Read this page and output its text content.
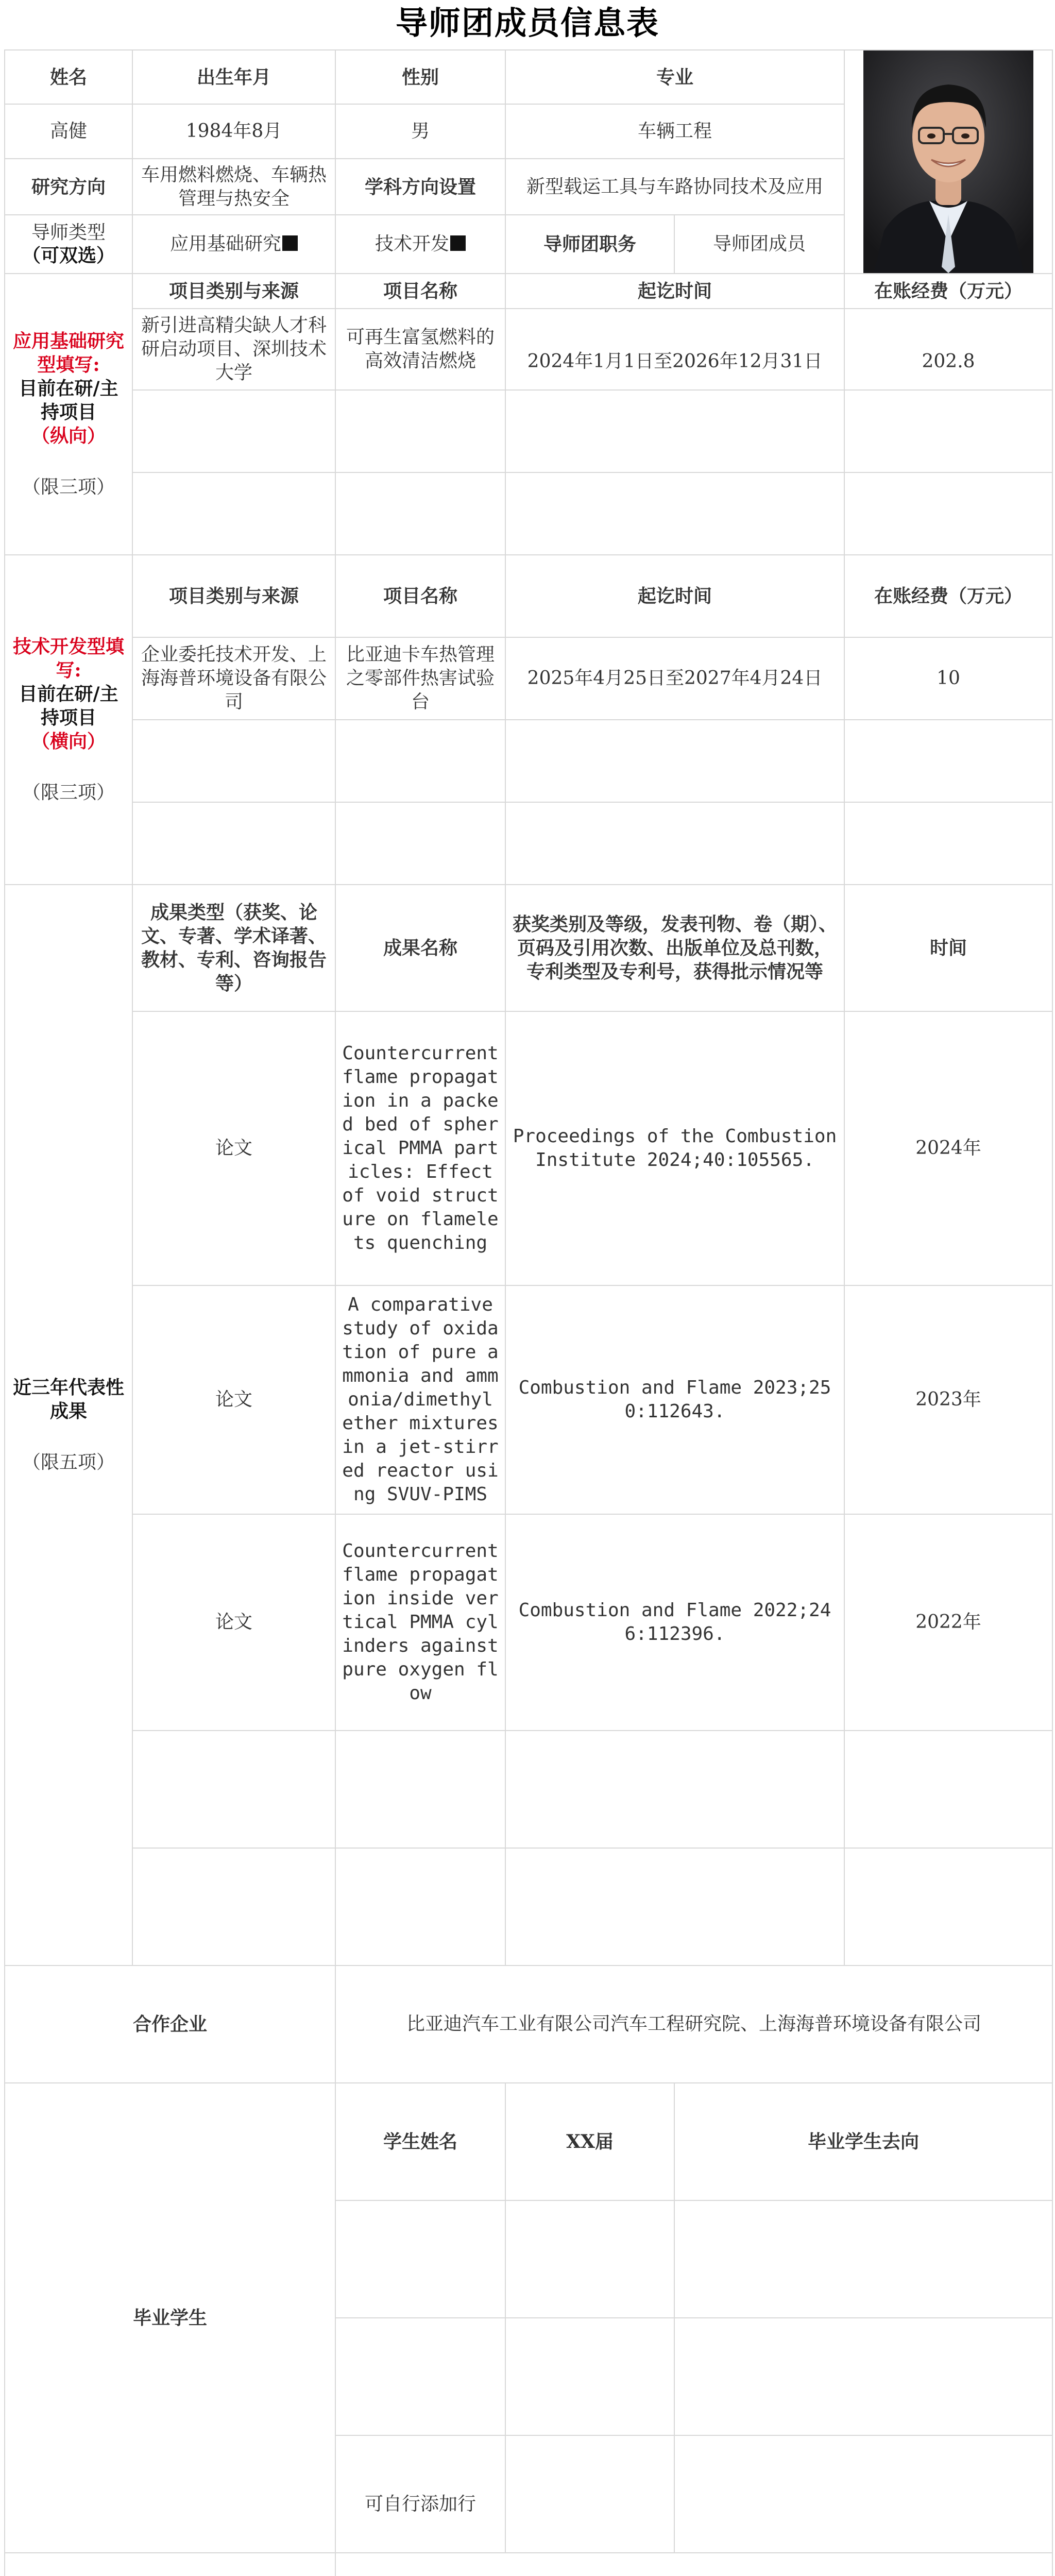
导师团成员信息表
姓名	出生年月	性别	专业	

高健	1984年8月	男	车辆工程		
研究方向	车用燃料燃烧、车辆热管理与热安全	学科方向设置	新型载运工具与车路协同技术及应用		

导师类型
（可双选）	应用基础研究	技术开发	导师团职务	导师团成员	

应用基础研究型填写:
目前在研/主持项目
（纵向）
（限三项）	项目类别与来源	项目名称	起讫时间		在账经费（万元）
	新引进高精尖缺人才科研启动项目、深圳技术大学	可再生富氢燃料的高效清洁燃烧	2024年1月1日至2026年12月31日		202.8

技术开发型填写:
目前在研/主持项目
（横向）
（限三项）	项目类别与来源	项目名称	起讫时间		在账经费（万元）
	企业委托技术开发、上海海普环境设备有限公司	比亚迪卡车热管理之零部件热害试验台	2025年4月25日至2027年4月24日		10

近三年代表性成果
（限五项）	成果类型（获奖、论文、专著、学术译著、教材、专利、咨询报告等）	成果名称	获奖类别及等级，发表刊物、卷（期）、页码及引用次数、出版单位及总刊数，专利类型及专利号，获得批示情况等		时间
	论文	Countercurrent flame propagation in a packed bed of spherical PMMA particles: Effect of void structure on flamelets quenching	Proceedings of the Combustion Institute 2024;40:105565.		2024年
	论文	A comparative study of oxidation of pure ammonia and ammonia/dimethyl ether mixtures in a jet-stirred reactor using SVUV-PIMS	Combustion and Flame 2023;250:112643.		2023年
	论文	Countercurrent flame propagation inside vertical PMMA cylinders against pure oxygen flow	Combustion and Flame 2022;246:112396.		2022年

合作企业		比亚迪汽车工业有限公司汽车工程研究院、上海海普环境设备有限公司			
毕业学生		学生姓名	XX届	毕业学生去向	

		可自行添加行			
